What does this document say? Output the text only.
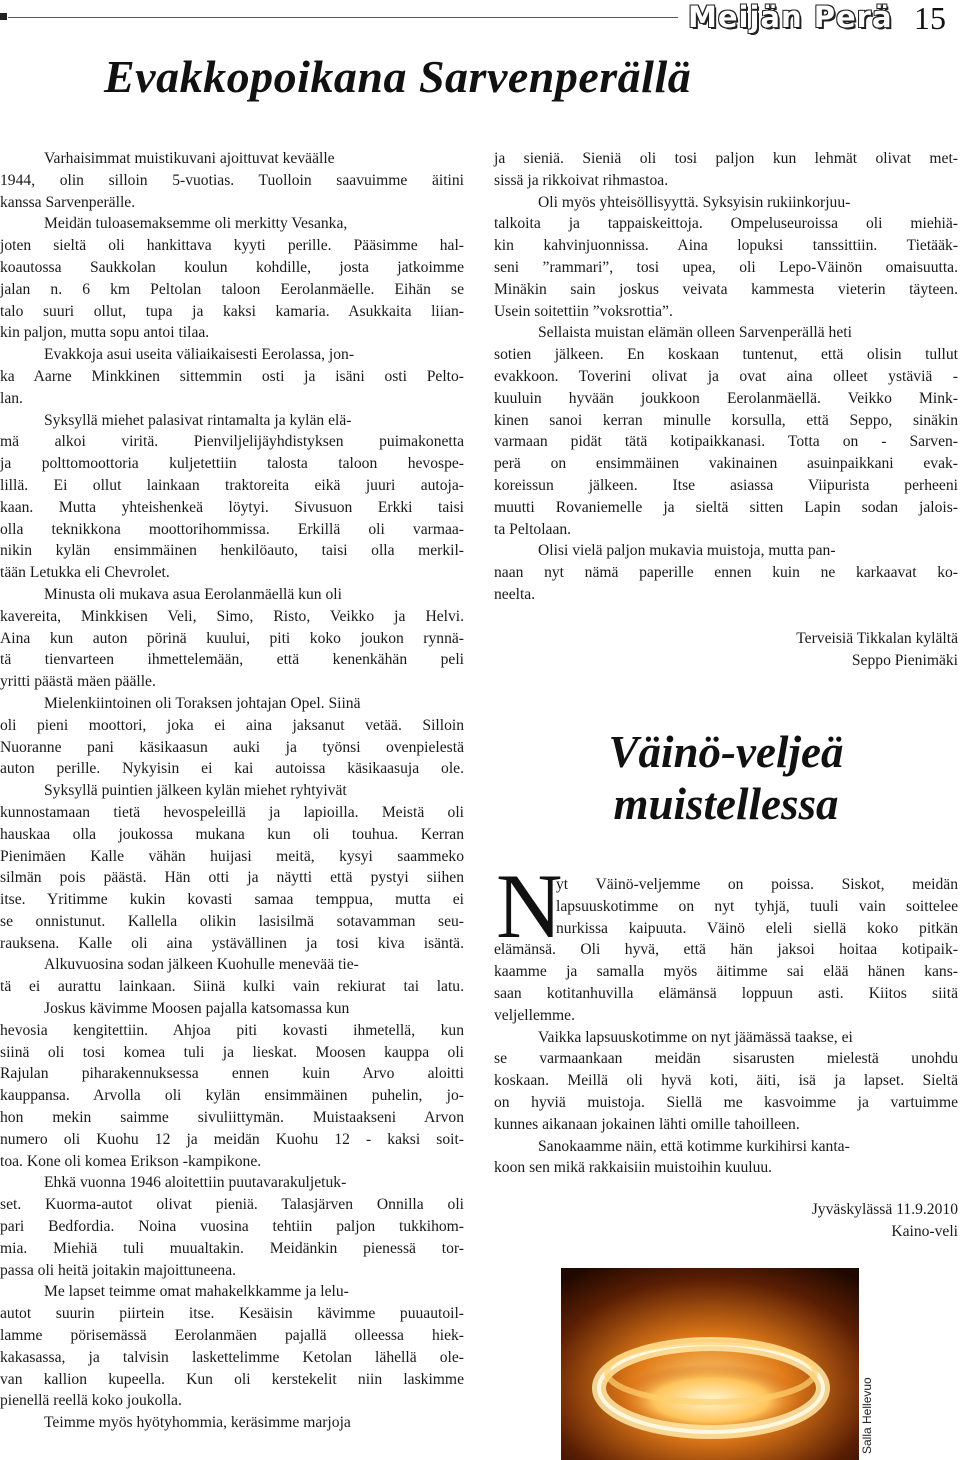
Meijän Perä 15
Evakkopoikana Sarvenperällä
Varhaisimmat muistikuvani ajoittuvat keväälle
1944, olin silloin 5-vuotias. Tuolloin saavuimme äitini
kanssa Sarvenperälle.
Meidän tuloasemaksemme oli merkitty Vesanka,
joten sieltä oli hankittava kyyti perille. Pääsimme hal-
koautossa Saukkolan koulun kohdille, josta jatkoimme
jalan n. 6 km Peltolan taloon Eerolanmäelle. Eihän se
talo suuri ollut, tupa ja kaksi kamaria. Asukkaita liian-
kin paljon, mutta sopu antoi tilaa.
Evakkoja asui useita väliaikaisesti Eerolassa, jon-
ka Aarne Minkkinen sittemmin osti ja isäni osti Pelto-
lan.
Syksyllä miehet palasivat rintamalta ja kylän elä-
mä alkoi viritä. Pienviljelijäyhdistyksen puimakonetta
ja polttomoottoria kuljetettiin talosta taloon hevospe-
lillä. Ei ollut lainkaan traktoreita eikä juuri autoja-
kaan. Mutta yhteishenkeä löytyi. Sivusuon Erkki taisi
olla teknikkona moottorihommissa. Erkillä oli varmaa-
nikin kylän ensimmäinen henkilöauto, taisi olla merkil-
tään Letukka eli Chevrolet.
Minusta oli mukava asua Eerolanmäellä kun oli
kavereita, Minkkisen Veli, Simo, Risto, Veikko ja Helvi.
Aina kun auton pörinä kuului, piti koko joukon rynnä-
tä tienvarteen ihmettelemään, että kenenkähän peli
yritti päästä mäen päälle.
Mielenkiintoinen oli Toraksen johtajan Opel. Siinä
oli pieni moottori, joka ei aina jaksanut vetää. Silloin
Nuoranne pani käsikaasun auki ja työnsi ovenpielestä
auton perille. Nykyisin ei kai autoissa käsikaasuja ole.
Syksyllä puintien jälkeen kylän miehet ryhtyivät
kunnostamaan tietä hevospeleillä ja lapioilla. Meistä oli
hauskaa olla joukossa mukana kun oli touhua. Kerran
Pienimäen Kalle vähän huijasi meitä, kysyi saammeko
silmän pois päästä. Hän otti ja näytti että pystyi siihen
itse. Yritimme kukin kovasti samaa temppua, mutta ei
se onnistunut. Kallella olikin lasisilmä sotavamman seu-
rauksena. Kalle oli aina ystävällinen ja tosi kiva isäntä.
Alkuvuosina sodan jälkeen Kuohulle menevää tie-
tä ei aurattu lainkaan. Siinä kulki vain rekiurat tai latu.
Joskus kävimme Moosen pajalla katsomassa kun
hevosia kengitettiin. Ahjoa piti kovasti ihmetellä, kun
siinä oli tosi komea tuli ja lieskat. Moosen kauppa oli
Rajulan piharakennuksessa ennen kuin Arvo aloitti
kauppansa. Arvolla oli kylän ensimmäinen puhelin, jo-
hon mekin saimme sivuliittymän. Muistaakseni Arvon
numero oli Kuohu 12 ja meidän Kuohu 12 - kaksi soit-
toa. Kone oli komea Erikson -kampikone.
Ehkä vuonna 1946 aloitettiin puutavarakuljetuk-
set. Kuorma-autot olivat pieniä. Talasjärven Onnilla oli
pari Bedfordia. Noina vuosina tehtiin paljon tukkihom-
mia. Miehiä tuli muualtakin. Meidänkin pienessä tor-
passa oli heitä joitakin majoittuneena.
Me lapset teimme omat mahakelkkamme ja lelu-
autot suurin piirtein itse. Kesäisin kävimme puuautoil-
lamme pörisemässä Eerolanmäen pajallä olleessa hiek-
kakasassa, ja talvisin laskettelimme Ketolan lähellä ole-
van kallion kupeella. Kun oli kerstekelit niin laskimme
pienellä reellä koko joukolla.
Teimme myös hyötyhommia, keräsimme marjoja
ja sieniä. Sieniä oli tosi paljon kun lehmät olivat met-
sissä ja rikkoivat rihmastoa.
Oli myös yhteisöllisyyttä. Syksyisin rukiinkorjuu-
talkoita ja tappaiskeittoja. Ompeluseuroissa oli miehiä-
kin kahvinjuonnissa. Aina lopuksi tanssittiin. Tietääk-
seni ”rammari”, tosi upea, oli Lepo-Väinön omaisuutta.
Minäkin sain joskus veivata kammesta vieterin täyteen.
Usein soitettiin ”voksrottia”.
Sellaista muistan elämän olleen Sarvenperällä heti
sotien jälkeen. En koskaan tuntenut, että olisin tullut
evakkoon. Toverini olivat ja ovat aina olleet ystäviä -
kuuluin hyvään joukkoon Eerolanmäellä. Veikko Mink-
kinen sanoi kerran minulle korsulla, että Seppo, sinäkin
varmaan pidät tätä kotipaikkanasi. Totta on - Sarven-
perä on ensimmäinen vakinainen asuinpaikkani evak-
koreissun jälkeen. Itse asiassa Viipurista perheeni
muutti Rovaniemelle ja sieltä sitten Lapin sodan jalois-
ta Peltolaan.
Olisi vielä paljon mukavia muistoja, mutta pan-
naan nyt nämä paperille ennen kuin ne karkaavat ko-
neelta.
Terveisiä Tikkalan kylältä
Seppo Pienimäki
Väinö-veljeä
muistellessa
N
yt Väinö-veljemme on poissa. Siskot, meidän
lapsuuskotimme on nyt tyhjä, tuuli vain soittelee
nurkissa kaipuuta. Väinö eleli siellä koko pitkän
elämänsä. Oli hyvä, että hän jaksoi hoitaa kotipaik-
kaamme ja samalla myös äitimme sai elää hänen kans-
saan kotitanhuvilla elämänsä loppuun asti. Kiitos siitä
veljellemme.
Vaikka lapsuuskotimme on nyt jäämässä taakse, ei
se varmaankaan meidän sisarusten mielestä unohdu
koskaan. Meillä oli hyvä koti, äiti, isä ja lapset. Sieltä
on hyviä muistoja. Siellä me kasvoimme ja vartuimme
kunnes aikanaan jokainen lähti omille tahoilleen.
Sanokaamme näin, että kotimme kurkihirsi kanta-
koon sen mikä rakkaisiin muistoihin kuuluu.
Jyväskylässä 11.9.2010
Kaino-veli
Salla Hellevuo
